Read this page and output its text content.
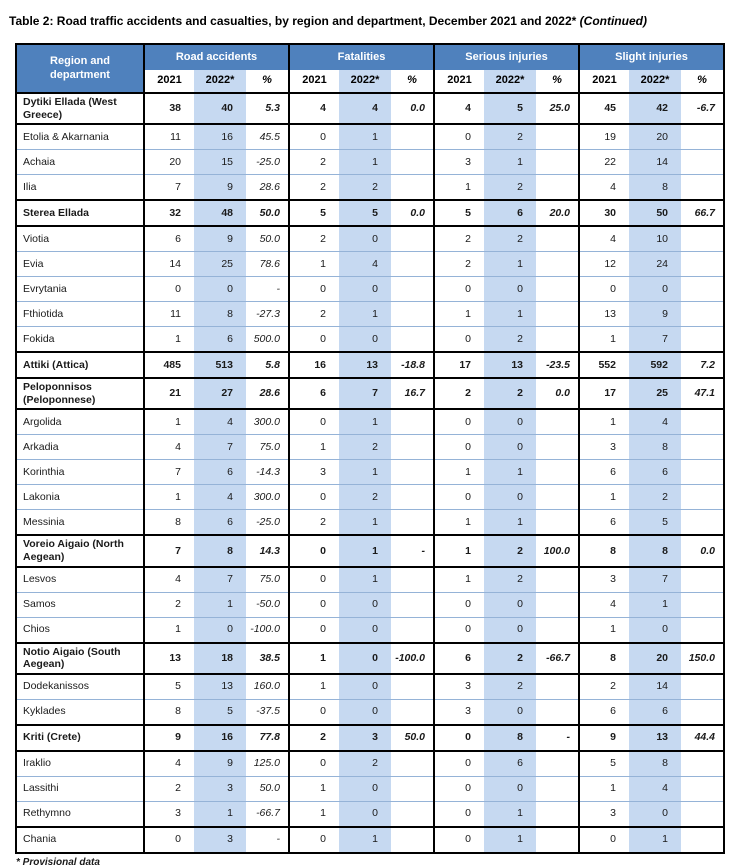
Table 2: Road traffic accidents and casualties, by region and department, December 2021 and 2022* (Continued)
Region and department	Road accidents			Fatalities			Serious injuries			Slight injuries		
	2021	2022*	%	2021	2022*	%	2021	2022*	%	2021	2022*	%
Dytiki Ellada (West Greece)	38	40	5.3	4	4	0.0	4	5	25.0	45	42	-6.7
Etolia & Akarnania	11	16	45.5	0	1		0	2		19	20	
Achaia	20	15	-25.0	2	1		3	1		22	14	
Ilia	7	9	28.6	2	2		1	2		4	8	
Sterea Ellada	32	48	50.0	5	5	0.0	5	6	20.0	30	50	66.7
Viotia	6	9	50.0	2	0		2	2		4	10	
Evia	14	25	78.6	1	4		2	1		12	24	
Evrytania	0	0	-	0	0		0	0		0	0	
Fthiotida	11	8	-27.3	2	1		1	1		13	9	
Fokida	1	6	500.0	0	0		0	2		1	7	
Attiki (Attica)	485	513	5.8	16	13	-18.8	17	13	-23.5	552	592	7.2
Peloponnisos (Peloponnese)	21	27	28.6	6	7	16.7	2	2	0.0	17	25	47.1
Argolida	1	4	300.0	0	1		0	0		1	4	
Arkadia	4	7	75.0	1	2		0	0		3	8	
Korinthia	7	6	-14.3	3	1		1	1		6	6	
Lakonia	1	4	300.0	0	2		0	0		1	2	
Messinia	8	6	-25.0	2	1		1	1		6	5	
Voreio Aigaio (North Aegean)	7	8	14.3	0	1	-	1	2	100.0	8	8	0.0
Lesvos	4	7	75.0	0	1		1	2		3	7	
Samos	2	1	-50.0	0	0		0	0		4	1	
Chios	1	0	-100.0	0	0		0	0		1	0	
Notio Aigaio (South Aegean)	13	18	38.5	1	0	-100.0	6	2	-66.7	8	20	150.0
Dodekanissos	5	13	160.0	1	0		3	2		2	14	
Kyklades	8	5	-37.5	0	0		3	0		6	6	
Kriti (Crete)	9	16	77.8	2	3	50.0	0	8	-	9	13	44.4
Iraklio	4	9	125.0	0	2		0	6		5	8	
Lassithi	2	3	50.0	1	0		0	0		1	4	
Rethymno	3	1	-66.7	1	0		0	1		3	0	
Chania	0	3	-	0	1		0	1		0	1	
* Provisional data
